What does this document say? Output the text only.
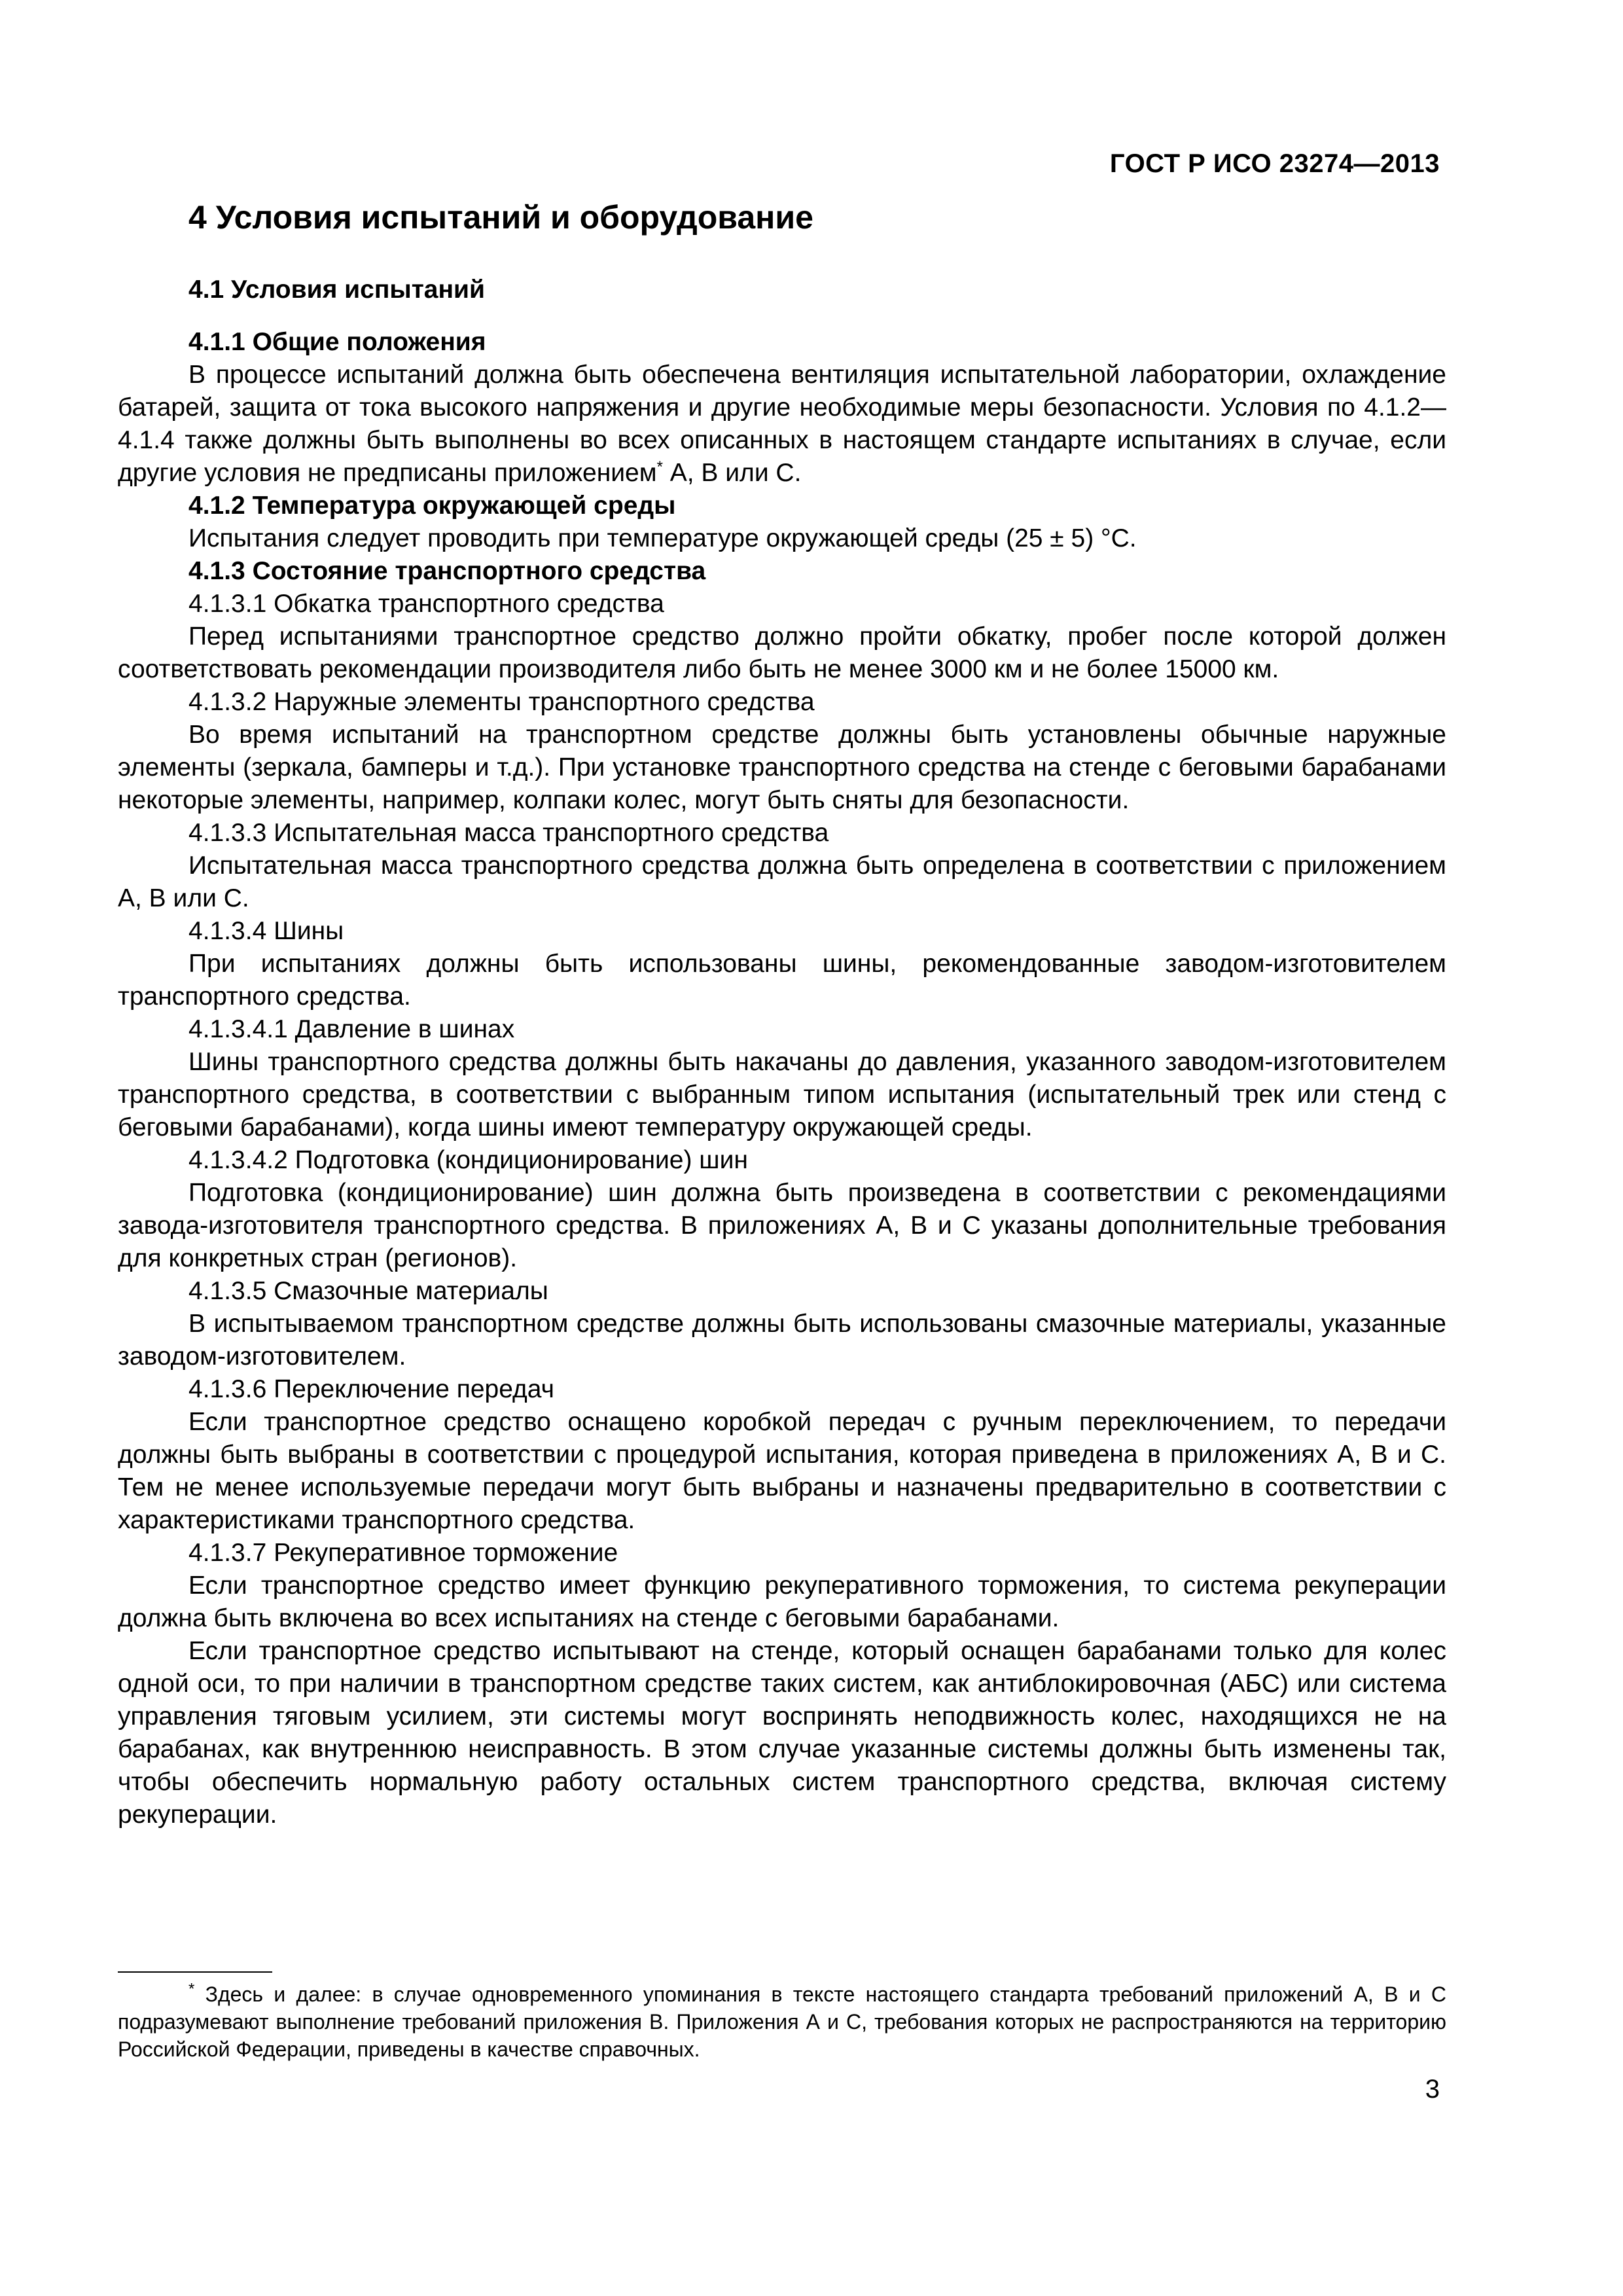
ГОСТ Р ИСО 23274—2013

4 Условия испытаний и оборудование

4.1 Условия испытаний

4.1.1 Общие положения

В процессе испытаний должна быть обеспечена вентиляция испытательной лаборатории, охлаждение батарей, защита от тока высокого напряжения и другие необходимые меры безопасности. Условия по 4.1.2—4.1.4 также должны быть выполнены во всех описанных в настоящем стандарте испытаниях в случае, если другие условия не предписаны приложением* А, В или С.

4.1.2 Температура окружающей среды

Испытания следует проводить при температуре окружающей среды (25 ± 5) °С.

4.1.3 Состояние транспортного средства

4.1.3.1 Обкатка транспортного средства

Перед испытаниями транспортное средство должно пройти обкатку, пробег после которой должен соответствовать рекомендации производителя либо быть не менее 3000 км и не более 15000 км.

4.1.3.2 Наружные элементы транспортного средства

Во время испытаний на транспортном средстве должны быть установлены обычные наружные элементы (зеркала, бамперы и т.д.). При установке транспортного средства на стенде с беговыми барабанами некоторые элементы, например, колпаки колес, могут быть сняты для безопасности.

4.1.3.3 Испытательная масса транспортного средства

Испытательная масса транспортного средства должна быть определена в соответствии с приложением А, В или С.

4.1.3.4 Шины

При испытаниях должны быть использованы шины, рекомендованные заводом-изготовителем транспортного средства.

4.1.3.4.1 Давление в шинах

Шины транспортного средства должны быть накачаны до давления, указанного заводом-изготовителем транспортного средства, в соответствии с выбранным типом испытания (испытательный трек или стенд с беговыми барабанами), когда шины имеют температуру окружающей среды.

4.1.3.4.2 Подготовка (кондиционирование) шин

Подготовка (кондиционирование) шин должна быть произведена в соответствии с рекомендациями завода-изготовителя транспортного средства. В приложениях А, В и С указаны дополнительные требования для конкретных стран (регионов).

4.1.3.5 Смазочные материалы

В испытываемом транспортном средстве должны быть использованы смазочные материалы, указанные заводом-изготовителем.

4.1.3.6 Переключение передач

Если транспортное средство оснащено коробкой передач с ручным переключением, то передачи должны быть выбраны в соответствии с процедурой испытания, которая приведена в приложениях А, В и С. Тем не менее используемые передачи могут быть выбраны и назначены предварительно в соответствии с характеристиками транспортного средства.

4.1.3.7 Рекуперативное торможение

Если транспортное средство имеет функцию рекуперативного торможения, то система рекуперации должна быть включена во всех испытаниях на стенде с беговыми барабанами.

Если транспортное средство испытывают на стенде, который оснащен барабанами только для колес одной оси, то при наличии в транспортном средстве таких систем, как антиблокировочная (АБС) или система управления тяговым усилием, эти системы могут воспринять неподвижность колес, находящихся не на барабанах, как внутреннюю неисправность. В этом случае указанные системы должны быть изменены так, чтобы обеспечить нормальную работу остальных систем транспортного средства, включая систему рекуперации.

* Здесь и далее: в случае одновременного упоминания в тексте настоящего стандарта требований приложений А, В и С подразумевают выполнение требований приложения В. Приложения А и С, требования которых не распространяются на территорию Российской Федерации, приведены в качестве справочных.

3
